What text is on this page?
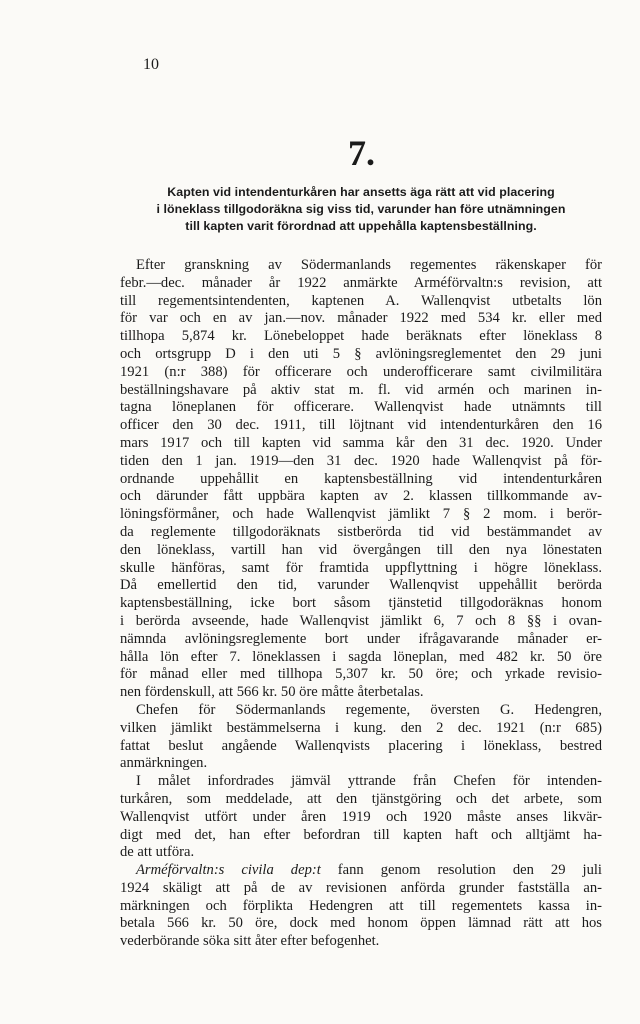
10
7.
Kapten vid intendenturkåren har ansetts äga rätt att vid placering
i löneklass tillgodoräkna sig viss tid, varunder han före utnämningen
till kapten varit förordnad att uppehålla kaptensbeställning.
Efter granskning av Södermanlands regementes räkenskaper för
febr.—dec. månader år 1922 anmärkte Arméförvaltn:s revision, att
till regementsintendenten, kaptenen A. Wallenqvist utbetalts lön
för var och en av jan.—nov. månader 1922 med 534 kr. eller med
tillhopa 5,874 kr. Lönebeloppet hade beräknats efter löneklass 8
och ortsgrupp D i den uti 5 § avlöningsreglementet den 29 juni
1921 (n:r 388) för officerare och underofficerare samt civilmilitära
beställningshavare på aktiv stat m. fl. vid armén och marinen in-
tagna löneplanen för officerare. Wallenqvist hade utnämnts till
officer den 30 dec. 1911, till löjtnant vid intendenturkåren den 16
mars 1917 och till kapten vid samma kår den 31 dec. 1920. Under
tiden den 1 jan. 1919—den 31 dec. 1920 hade Wallenqvist på för-
ordnande uppehållit en kaptensbeställning vid intendenturkåren
och därunder fått uppbära kapten av 2. klassen tillkommande av-
löningsförmåner, och hade Wallenqvist jämlikt 7 § 2 mom. i berör-
da reglemente tillgodoräknats sistberörda tid vid bestämmandet av
den löneklass, vartill han vid övergången till den nya lönestaten
skulle hänföras, samt för framtida uppflyttning i högre löneklass.
Då emellertid den tid, varunder Wallenqvist uppehållit berörda
kaptensbeställning, icke bort såsom tjänstetid tillgodoräknas honom
i berörda avseende, hade Wallenqvist jämlikt 6, 7 och 8 §§ i ovan-
nämnda avlöningsreglemente bort under ifrågavarande månader er-
hålla lön efter 7. löneklassen i sagda löneplan, med 482 kr. 50 öre
för månad eller med tillhopa 5,307 kr. 50 öre; och yrkade revisio-
nen fördenskull, att 566 kr. 50 öre måtte återbetalas.
Chefen för Södermanlands regemente, översten G. Hedengren,
vilken jämlikt bestämmelserna i kung. den 2 dec. 1921 (n:r 685)
fattat beslut angående Wallenqvists placering i löneklass, bestred
anmärkningen.
I målet infordrades jämväl yttrande från Chefen för intenden-
turkåren, som meddelade, att den tjänstgöring och det arbete, som
Wallenqvist utfört under åren 1919 och 1920 måste anses likvär-
digt med det, han efter befordran till kapten haft och alltjämt ha-
de att utföra.
Arméförvaltn:s civila dep:t fann genom resolution den 29 juli
1924 skäligt att på de av revisionen anförda grunder fastställa an-
märkningen och förpliktа Hedengren att till regementets kassa in-
betala 566 kr. 50 öre, dock med honom öppen lämnad rätt att hos
vederbörande söka sitt åter efter befogenhet.
